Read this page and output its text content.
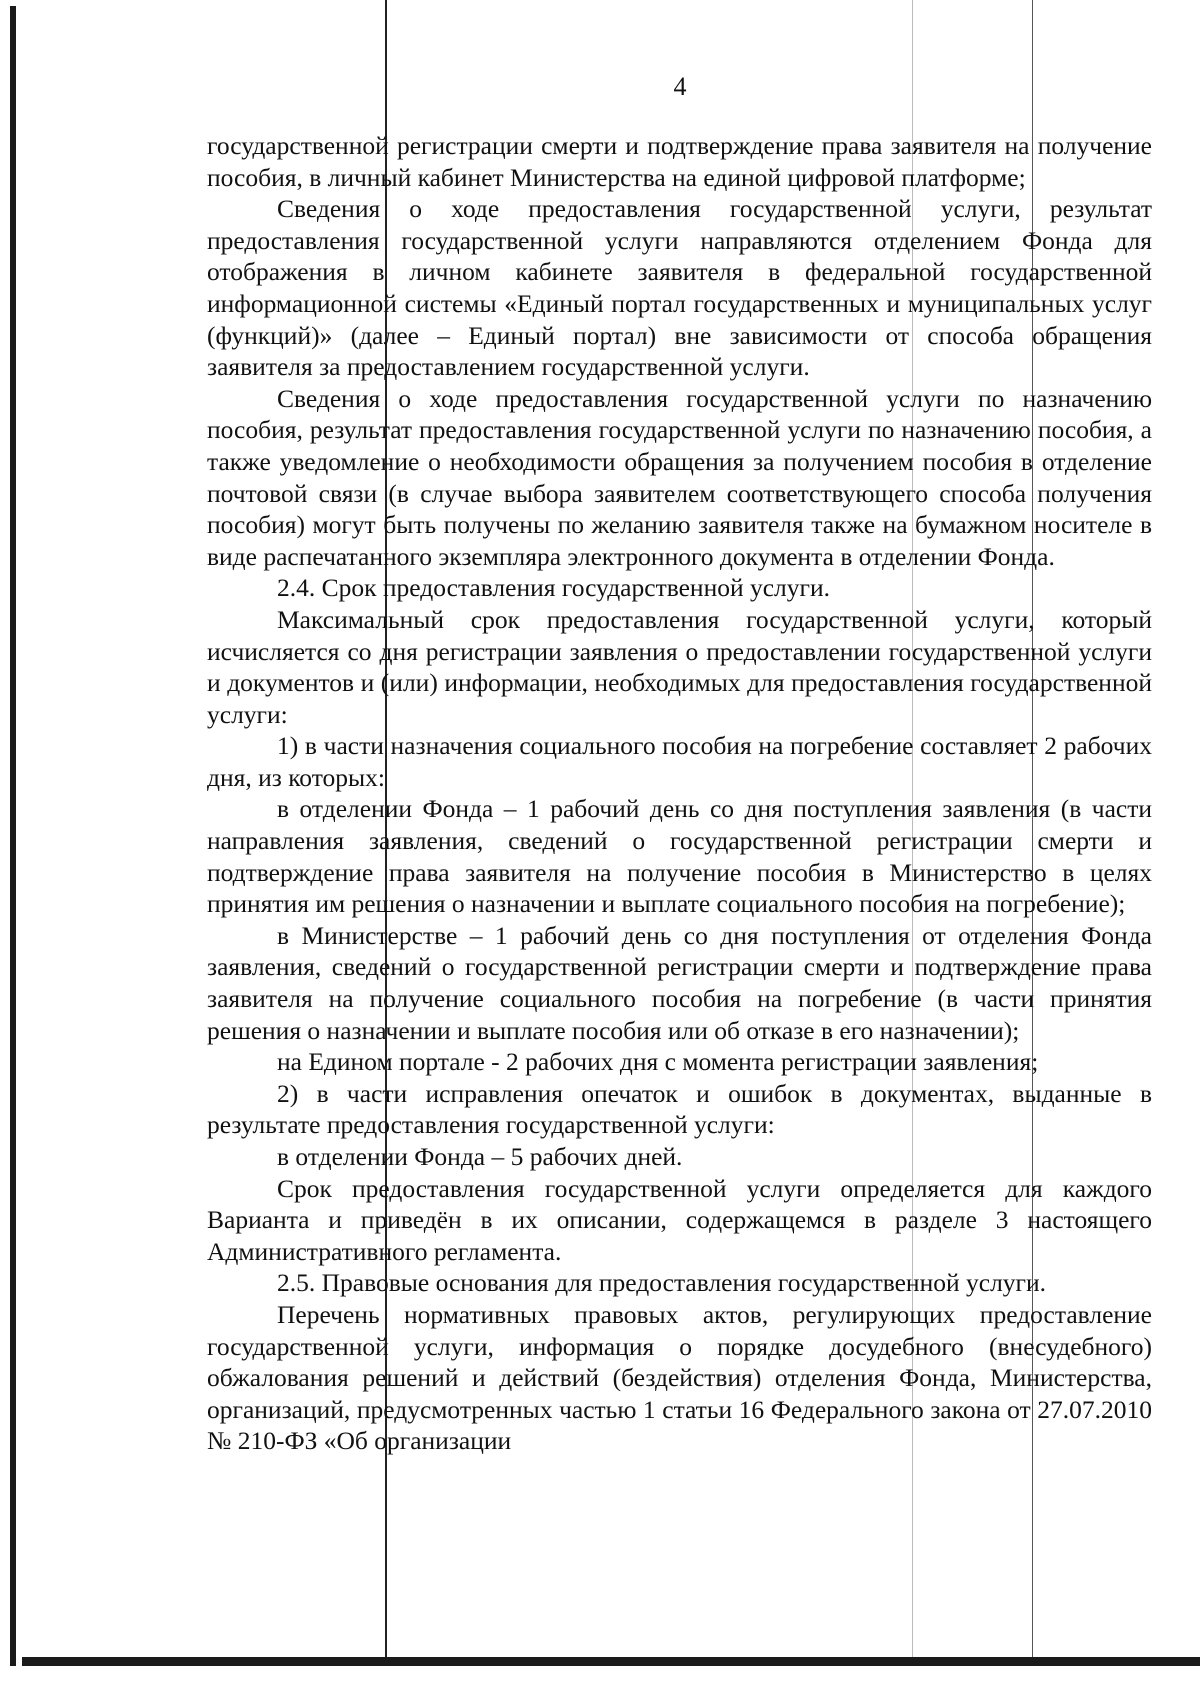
4

государственной регистрации смерти и подтверждение права заявителя на получение пособия, в личный кабинет Министерства на единой цифровой платформе;

Сведения о ходе предоставления государственной услуги, результат предоставления государственной услуги направляются отделением Фонда для отображения в личном кабинете заявителя в федеральной государственной информационной системы «Единый портал государственных и муниципальных услуг (функций)» (далее – Единый портал) вне зависимости от способа обращения заявителя за предоставлением государственной услуги.

Сведения о ходе предоставления государственной услуги по назначению пособия, результат предоставления государственной услуги по назначению пособия, а также уведомление о необходимости обращения за получением пособия в отделение почтовой связи (в случае выбора заявителем соответствующего способа получения пособия) могут быть получены по желанию заявителя также на бумажном носителе в виде распечатанного экземпляра электронного документа в отделении Фонда.

2.4. Срок предоставления государственной услуги.

Максимальный срок предоставления государственной услуги, который исчисляется со дня регистрации заявления о предоставлении государственной услуги и документов и (или) информации, необходимых для предоставления государственной услуги:

1) в части назначения социального пособия на погребение составляет 2 рабочих дня, из которых:

в отделении Фонда – 1 рабочий день со дня поступления заявления (в части направления заявления, сведений о государственной регистрации смерти и подтверждение права заявителя на получение пособия в Министерство в целях принятия им решения о назначении и выплате социального пособия на погребение);

в Министерстве – 1 рабочий день со дня поступления от отделения Фонда заявления, сведений о государственной регистрации смерти и подтверждение права заявителя на получение социального пособия на погребение (в части принятия решения о назначении и выплате пособия или об отказе в его назначении);

на Едином портале - 2 рабочих дня с момента регистрации заявления;

2) в части исправления опечаток и ошибок в документах, выданные в результате предоставления государственной услуги:

в отделении Фонда – 5 рабочих дней.

Срок предоставления государственной услуги определяется для каждого Варианта и приведён в их описании, содержащемся в разделе 3 настоящего Административного регламента.

2.5. Правовые основания для предоставления государственной услуги.

Перечень нормативных правовых актов, регулирующих предоставление государственной услуги, информация о порядке досудебного (внесудебного) обжалования решений и действий (бездействия) отделения Фонда, Министерства, организаций, предусмотренных частью 1 статьи 16 Федерального закона от 27.07.2010 № 210-ФЗ «Об организации
